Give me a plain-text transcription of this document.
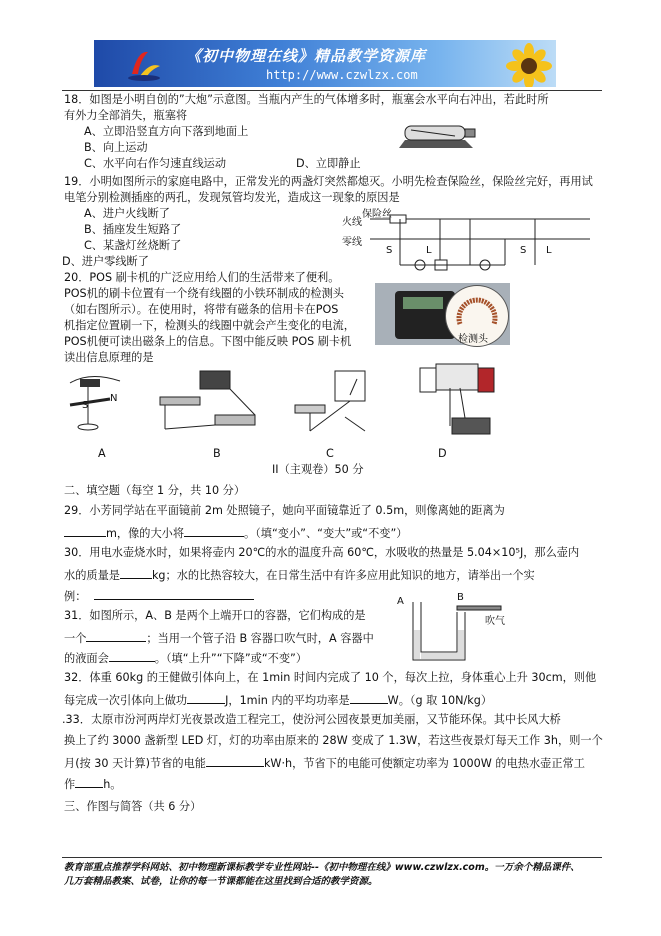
《初中物理在线》精品教学资源库
http://www.czwlzx.com
18．如图是小明自创的”大炮”示意图。当瓶内产生的气体增多时，瓶塞会水平向右冲出，若此时所
有外力全部消失，瓶塞将
A、立即沿竖直方向下落到地面上
B、向上运动
C、水平向右作匀速直线运动	D、立即静止
19．小明如图所示的家庭电路中，正常发光的两盏灯突然都熄灭。小明先检查保险丝，保险丝完好，再用试
电笔分别检测插座的两孔，发现氖管均发光，造成这一现象的原因是
A、进户火线断了
B、插座发生短路了
C、某盏灯丝烧断了
D、进户零线断了
保险丝
火线
零线
S	L	S L
20．POS 刷卡机的广泛应用给人们的生活带来了便利。
POS机的刷卡位置有一个绕有线圈的小铁环制成的检测头
（如右图所示）。在使用时，将带有磁条的信用卡在POS
机指定位置刷一下，检测头的线圈中就会产生变化的电流，
POS机便可读出磁条上的信息。下图中能反映 POS 刷卡机
读出信息原理的是
检测头
S
N
A	B	C	D
II（主观卷）50 分
二、填空题（每空 1 分，共 10 分）
29．小芳同学站在平面镜前 2m 处照镜子，她向平面镜靠近了 0.5m，则像离她的距离为
m，像的大小将	。（填“变小”、“变大”或“不变”）
30．用电水壶烧水时，如果将壶内 20℃的水的温度升高 60℃，水吸收的热量是 5.04×10⁵J，那么壶内
水的质量是	kg；水的比热容较大，在日常生活中有许多应用此知识的地方，请举出一个实
例：
31．如图所示，A、B 是两个上端开口的容器，它们构成的是
一个	；当用一个管子沿 B 容器口吹气时，A 容器中
的液面会	。（填“上升”“下降”或“不变”）
A	B
吹气
32．体重 60kg 的王健做引体向上，在 1min 时间内完成了 10 个，每次上拉，身体重心上升 30cm，则他
每完成一次引体向上做功	J，1min 内的平均功率是	W。（g 取 10N/kg）
.33．太原市汾河两岸灯光夜景改造工程完工，使汾河公园夜景更加美丽，又节能环保。其中长风大桥
换上了约 3000 盏新型 LED 灯，灯的功率由原来的 28W 变成了 1.3W，若这些夜景灯每天工作 3h，则一个
月(按 30 天计算)节省的电能	kW·h，节省下的电能可使额定功率为 1000W 的电热水壶正常工
作	h。
三、作图与简答（共 6 分）
教育部重点推荐学科网站、初中物理新课标教学专业性网站--《初中物理在线》www.czwlzx.com。一万余个精品课件、
几万套精品教案、试卷，让你的每一节课都能在这里找到合适的教学资源。
